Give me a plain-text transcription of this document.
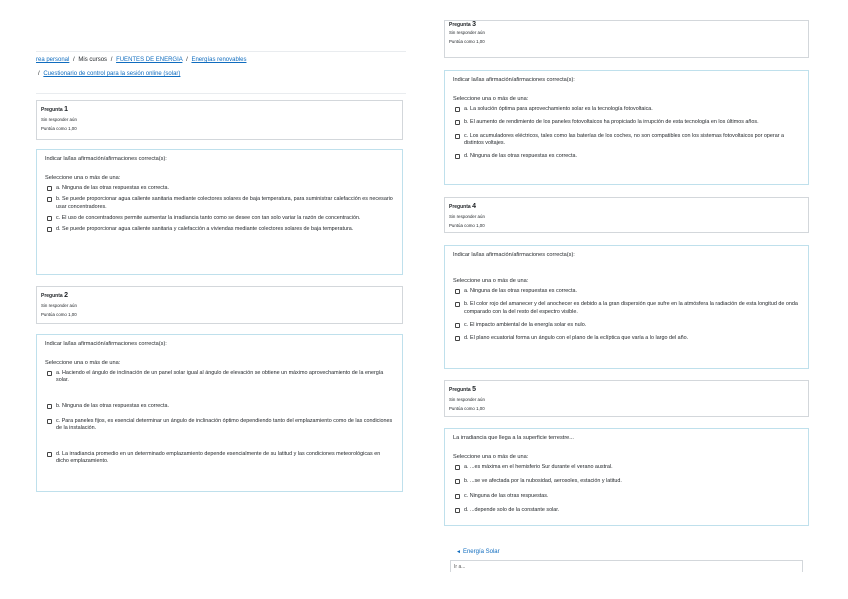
rea personal / Mis cursos / FUENTES DE ENERGIA / Energías renovables
/ Cuestionario de control para la sesión online (solar)
Pregunta 1
Sin responder aún
Puntúa como 1,00
Indicar la/las afirmación/afirmaciones correcta(s):
Seleccione una o más de una:
a. Ninguna de las otras respuestas es correcta.
b. Se puede proporcionar agua caliente sanitaria mediante colectores solares de baja temperatura, para suministrar calefacción es necesario usar concentradores.
c. El uso de concentradores permite aumentar la irradiancia tanto como se desee con tan solo variar la razón de concentración.
d. Se puede proporcionar agua caliente sanitaria y calefacción a viviendas mediante colectores solares de baja temperatura.
Pregunta 2
Sin responder aún
Puntúa como 1,00
Indicar la/las afirmación/afirmaciones correcta(s):
Seleccione una o más de una:
a. Haciendo el ángulo de inclinación de un panel solar igual al ángulo de elevación se obtiene un máximo aprovechamiento de la energía solar.
b. Ninguna de las otras respuestas es correcta.
c. Para paneles fijos, es esencial determinar un ángulo de inclinación óptimo dependiendo tanto del emplazamiento como de las condiciones de la instalación.
d. La irradiancia promedio en un determinado emplazamiento depende esencialmente de su latitud y las condiciones meteorológicas en dicho emplazamiento.
Pregunta 3
Sin responder aún
Puntúa como 1,00
Indicar la/las afirmación/afirmaciones correcta(s):
Seleccione una o más de una:
a. La solución óptima para aprovechamiento solar es la tecnología fotovoltaica.
b. El aumento de rendimiento de los paneles fotovoltaicos ha propiciado la irrupción de esta tecnología en los últimos años.
c. Los acumuladores eléctricos, tales como las baterías de los coches, no son compatibles con los sistemas fotovoltaicos por operar a distintos voltajes.
d. Ninguna de las otras respuestas es correcta.
Pregunta 4
Sin responder aún
Puntúa como 1,00
Indicar la/las afirmación/afirmaciones correcta(s):
Seleccione una o más de una:
a. Ninguna de las otras respuestas es correcta.
b. El color rojo del amanecer y del anochecer es debido a la gran dispersión que sufre en la atmósfera la radiación de esta longitud de onda comparado con la del resto del espectro visible.
c. El impacto ambiental de la energía solar es nulo.
d. El plano ecuatorial forma un ángulo con el plano de la eclíptica que varía a lo largo del año.
Pregunta 5
Sin responder aún
Puntúa como 1,00
La irradiancia que llega a la superficie terrestre...
Seleccione una o más de una:
a. ...es máxima en el hemisferio Sur durante el verano austral.
b. ...se ve afectada por la nubosidad, aerosoles, estación y latitud.
c. Ninguna de las otras respuestas.
d. ...depende solo de la constante solar.
◄ Energía Solar
Ir a...
